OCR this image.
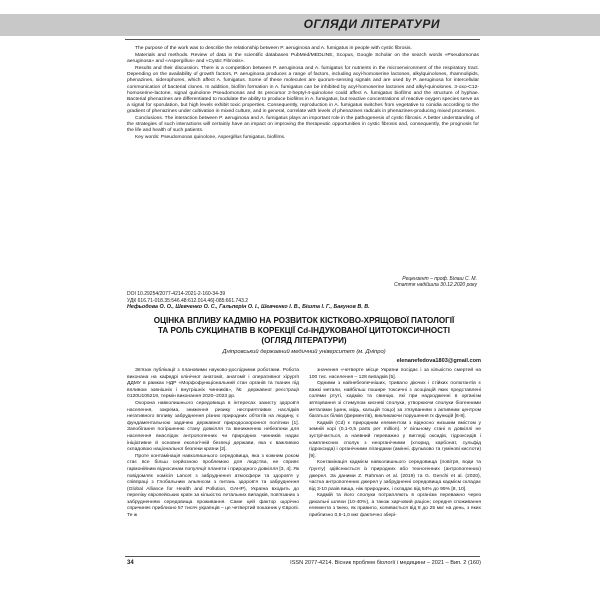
ОГЛЯДИ ЛІТЕРАТУРИ

The purpose of the work was to describe the relationship between P. aeruginosa and A. fumigatus in people with cystic fibrosis.

Materials and methods. Review of data in the scientific databases PubMed/MEDLINE, Scopus, Google Scholar on the search words «Pseudomonas aeruginosa» and «Aspergillus» and «Cystic Fibrosis».

Results and their discussion. There is a competition between P. aeruginosa and A. fumigatus for nutrients in the microenvironment of the respiratory tract. Depending on the availability of growth factors, P. aeruginosa produces a range of factors, including acyl-homoserine lactones, alkylquinolones, rhamnolipids, phenazines, siderophores, which affect A. fumigatus. Some of these molecules are quorum-sensing signals and are used by P. aeruginosa for intercellular communication of bacterial clones. In addition, biofilm formation in A. fumigatus can be inhibited by acyl-homoserine lactones and alkyl-quinolones. 3-oxo-C12-homoserine-lactone, signal quinolone Pseudomonas and its precursor 2-heptyl-4-quinolone could affect A. fumigatus biofilms and the structure of hyphae. Bacterial phenazines are differentiated to modulate the ability to produce biofilms in A. fumigatus, but reactive concentrations of reactive oxygen species serve as a signal for sporulation, but high levels exhibit toxic properties. Consequently, reproduction in A. fumigatus switches from vegetative to conidia according to the gradient of phenazines under cultivation in mixed culture, and in general, correlate with levels of phenazines radicals in phenazines-producing mixed processes.

Conclusions. The interaction between P. aeruginosa and A. fumigatus plays an important role in the pathogenesis of cystic fibrosis. A better understanding of the strategies of such interactions will certainly have an impact on improving the therapeutic opportunities in cystic fibrosis and, consequently, the prognosis for the life and health of such patients.

Key words: Pseudomonas quinolone, Aspergillus fumigatus, biofilms.

Рецензент – проф. Білаш С. М.
Стаття надійшла 30.12.2020 року
DOI 10.29254/2077-4214-2021-2-160-34-39
УДК 616.71-018.35:546.48:612.014.46]-085:661.743.2
Нефьодова О. О., Шевченко О. С., Гальперін О. І., Шевченко І. В., Бішта І. Г., Бакунов В. В.
ОЦІНКА ВПЛИВУ КАДМІЮ НА РОЗВИТОК КІСТКОВО-ХРЯЩОВОЇ ПАТОЛОГІЇ
ТА РОЛЬ СУКЦИНАТІВ В КОРЕКЦІЇ Cd-ІНДУКОВАНОЇ ЦИТОТОКСИЧНОСТІ
(ОГЛЯД ЛІТЕРАТУРИ)
Дніпровський державний медичний університет (м. Дніпро)
elenanefedova1803@gmail.com

Зв'язок публікації з плановими науково-дослідними роботами. Робота виконана на кафедрі клінічної анатомії, анатомії і оперативної хірургії ДДМУ в рамках НДР «Морфофункціональний стан органів та тканин під впливом зовнішніх і внутрішніх чинників», № державної реєстрації 0120U105219, термін виконання 2020–2023 рр.

Охорона навколишнього середовища в інтересах захисту здоров'я населення, зокрема, зниження ризику несприятливих наслідків негативного впливу забруднення різних природних об'єктів на людину, є фундаментальною задачею державної природоохоронної політики [1]. Запобігання погіршенню стану довкілля та виникненню небезпеки для населення внаслідок антропогенних чи природних чинників надає ініціативне й основне екологічній безпеці держави, яка є важливою складовою національної безпеки країни [2].

Проте контамінація навколишнього середовища, яка з кожним роком стає все більш серйозною проблемою для людства, не сприяє гармонійним відносинам популяції планети і природного довкілля [3, 4]. Як повідомляє комісія Lancet з забруднення атмосфери та здоров'я у співпраці з Глобальним альянсом з питань здоров'я та забруднення (Global Alliance for Health and Pollution, GAHP), Україна входить до переліку європейських країн за кількістю летальних випадків, пов'язаних з забрудненням середовища проживання. Саме цей фактор щорічно спричиняє приблизно 57 тисяч українців – це четвертий показник у Європі. Те ж

значення «четверте місце України посідає і за кількістю смертей на 100 тис. населення – 128 випадків [5].

Одними з найнебезпечніших, тривало діючих і стійких полютантів є важкі метали, найбільш пошире токсичні з асоціацій яких представлені солями ртуті, кадмію та свинцю, які при надходженні в організм зв'язування зі стимулом кисневі сполуки, утворюючи сполуки біогенними металами (цинк, мідь, кальцій тощо) за з'язуванням з активним центром багатьох білків (ферментів), викликаючи порушення їх функцій [6-8].

Кадмій (Cd) є природним елементом з відносно низьким вмістом у земній корі (0,1-0,5 parts per million). У вільному стані в довкіллі не зустрічається, а наявний переважно у вигляді оксидів, гідроксидів і комплексних сполук з неорганічними (хлорид, карбонат, сульфід гідроксида) і органічними лігандами (амінні, фульвово та гумінові кислоти) [9].

Контамінація кадмієм навколишнього середовища (повітря, води та ґрунту) здійснюється із природних або техногенних (антропогенних) джерел. За даними Z. Rahman et al. (2019) та G. Genchi et al. (2020), частка антропогенних джерел у забрудненні середовища кадмієм складає від 3-10 разів вища, ніж природних, і складає від 54% до 95% [8, 10].

Кадмій та його сполуки потрапляють в організм переважно через дихальні шляхи (10-40%), а також харчовий раціон; середня споживання елемента з їжею, як правило, коливається від 8 до 25 мкг на день, з яких приблизно 0,5-1,0 мкг фактично збері-

34	ISSN 2077-4214. Вісник проблем біології і медицини – 2021 – Вип. 2 (160)
